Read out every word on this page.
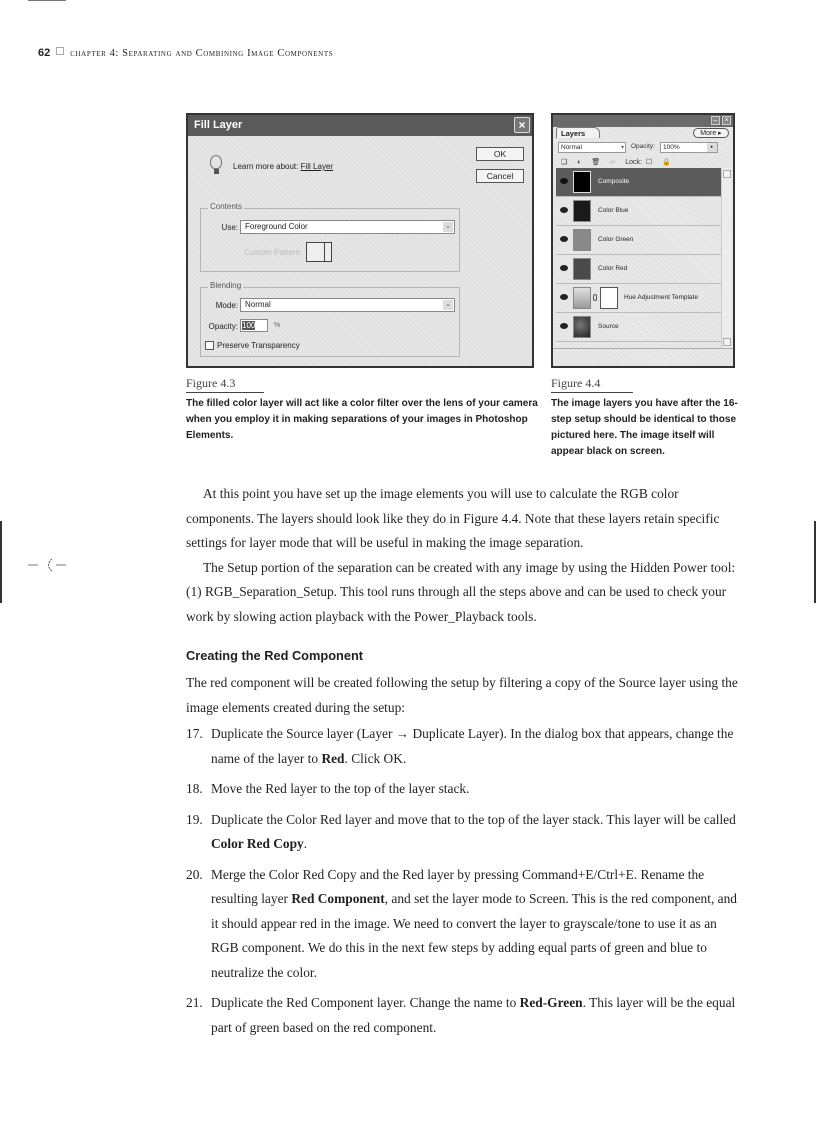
62 chapter 4: Separating and Combining Image Components
Fill Layer	×
OK
Cancel
Learn more about: Fill Layer
Contents
Use: Foreground Color	⌄
Custom Pattern:
Blending
Mode: Normal	⌄
Opacity: 100	%
Preserve Transparency
–	×
Layers	More ▸
Normal	▾ Opacity:	100%	▸
❑ ◐ 🗑 ∞ Lock: ☐ 🔒
Composite
Color Blue
Color Green
Color Red
Hue Adjustment Template
Source
Figure 4.3
The filled color layer will act like a color filter over the lens of your camera when you employ it in making separations of your images in Photoshop Elements.
Figure 4.4
The image layers you have after the 16-step setup should be identical to those pictured here. The image itself will appear black on screen.

At this point you have set up the image elements you will use to calculate the RGB color components. The layers should look like they do in Figure 4.4. Note that these layers retain specific settings for layer mode that will be useful in making the image separation.

The Setup portion of the separation can be created with any image by using the Hidden Power tool: (1) RGB_Separation_Setup. This tool runs through all the steps above and can be used to check your work by slowing action playback with the Power_Playback tools.

Creating the Red Component

The red component will be created following the setup by filtering a copy of the Source layer using the image elements created during the setup:

17. Duplicate the Source layer (Layer → Duplicate Layer). In the dialog box that appears, change the name of the layer to Red. Click OK.
18. Move the Red layer to the top of the layer stack.
19. Duplicate the Color Red layer and move that to the top of the layer stack. This layer will be called Color Red Copy.
20. Merge the Color Red Copy and the Red layer by pressing Command+E/Ctrl+E. Rename the resulting layer Red Component, and set the layer mode to Screen. This is the red component, and it should appear red in the image. We need to convert the layer to grayscale/tone to use it as an RGB component. We do this in the next few steps by adding equal parts of green and blue to neutralize the color.
21. Duplicate the Red Component layer. Change the name to Red-Green. This layer will be the equal part of green based on the red component.
